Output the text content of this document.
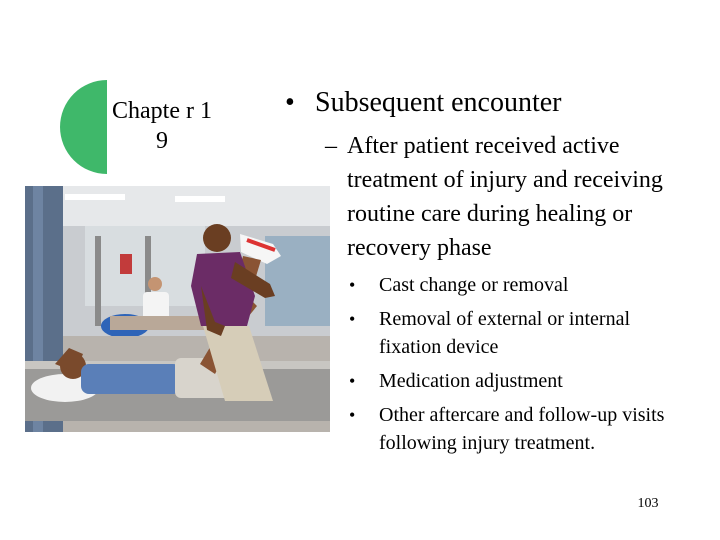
Chapte r 19
• Subsequent encounter
– After patient received active treatment of injury and receiving routine care during healing or recovery phase
• Cast change or removal
• Removal of external or internal fixation device
• Medication adjustment
• Other aftercare and follow-up visits following injury treatment.
103
